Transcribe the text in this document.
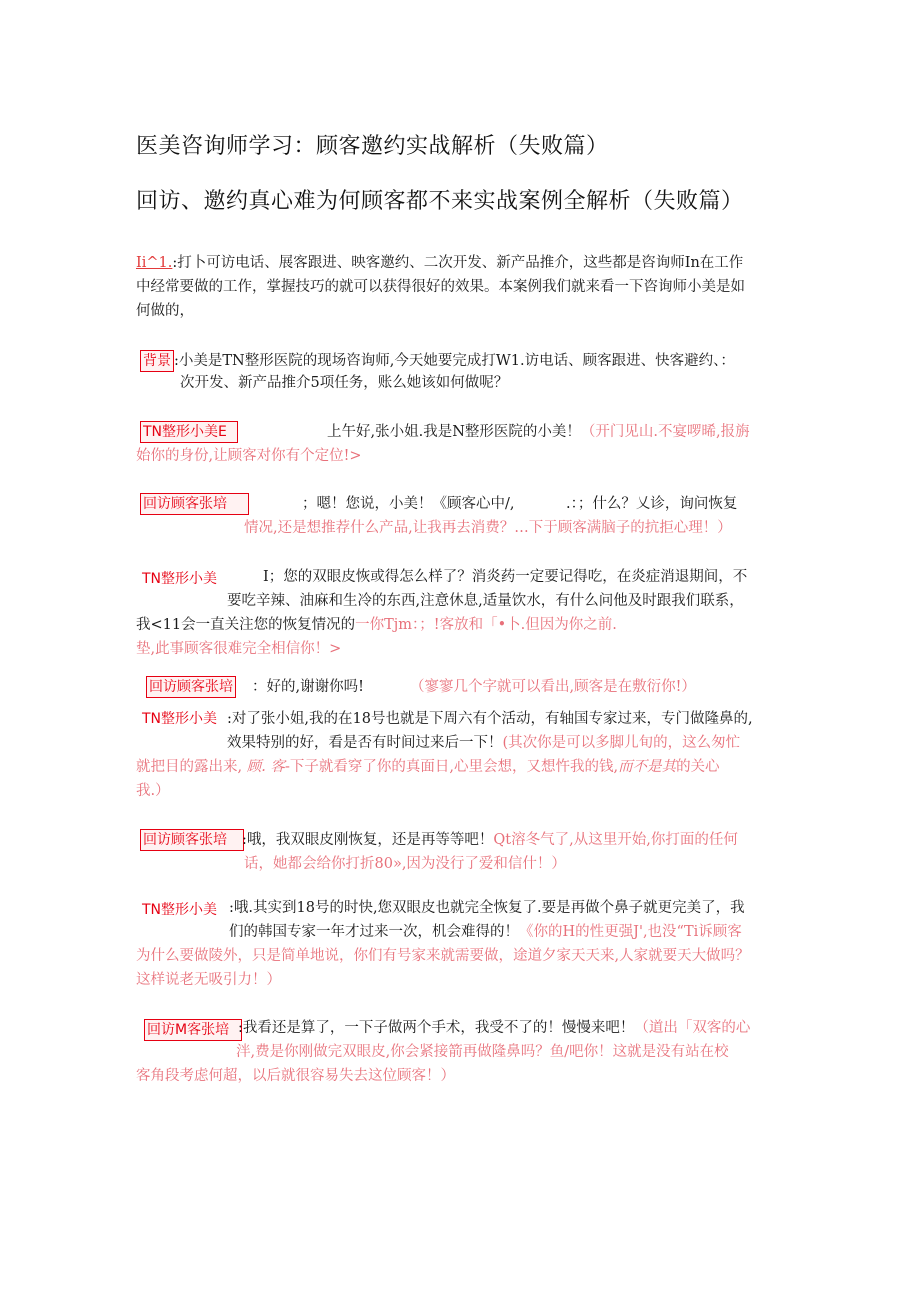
医美咨询师学习：顾客邀约实战解析（失败篇）
回访、邀约真心难为何顾客都不来实战案例全解析（失败篇）
Ii^1.:打卜可访电话、展客跟进、映客邀约、二次开发、新产品推介，这些都是咨询师In在工作
中经常要做的工作，掌握技巧的就可以获得很好的效果。本案例我们就来看一下咨询师小美是如
何做的，
背景 :小美是TN整形医院的现场咨询师,今天她要完成打W1.访电话、顾客跟进、快客避约、：
次开发、新产品推介5项任务，账么她该如何做呢？
TN整形小美E	上午好,张小姐.我是N整形医院的小美！（开门见山.不宴啰晞,报旃
始你的身份,让顾客对你有个定位!>
回访顾客张培	；嗯！您说，小美！《顾客心中/,	.：；什么？乂诊，询问恢复
情况,还是想推荐什么产品,让我再去消费？…下于顾客满脑子的抗拒心理！）
TN整形小美	I；您的双眼皮恢或得怎么样了？消炎药一定要记得吃，在炎症消退期间，不
要吃辛辣、油麻和生冷的东西,注意休息,适量饮水，有什么问他及时跟我们联系，
我<11会一直关注您的恢复情况的一你Tjm：；!客放和「•卜.但因为你之前.
垫,此事顾客很难完全相信你！>
回访顾客张培 ：好的,谢谢你吗!	（寥寥几个字就可以看出,顾客是在敷衍你!）
TN整形小美 :对了张小姐,我的在18号也就是下周六有个活动，有轴国专家过来，专门做隆鼻的,
效果特别的好，看是否有时间过来后一下！(其次你是可以多脚儿旬的，这么匆忙
就把目的露出来, 顾. 客-下子就看穿了你的真面日,心里会想，又想忤我的钱,而不是其的关心
我.）
回访顾客张培	:哦，我双眼皮刚恢复，还是再等等吧！Qt溶冬气了,从这里开始,你打面的任何
话，她都会给你打折80»,因为没行了爱和信什！）
TN整形小美 :哦.其实到18号的时快,您双眼皮也就完全恢复了.要是再做个鼻子就更完美了，我
们的韩国专家一年才过来一次，机会难得的！《你的H的性更强J',也没“Ti诉顾客
为什么要做陵外，只是简单地说，你们有号家来就需要做，途道夕家天天来,人家就要天大做吗？
这样说老无吸引力！）
回访M客张培 :我看还是算了，一下子做两个手术，我受不了的！慢慢来吧！（道出「双客的心
泮,费是你刚做完双眼皮,你会紧接箭再做隆鼻吗？鱼/吧你！这就是没有站在校
客角段考虑何超，以后就很容易失去这位顾客！）
